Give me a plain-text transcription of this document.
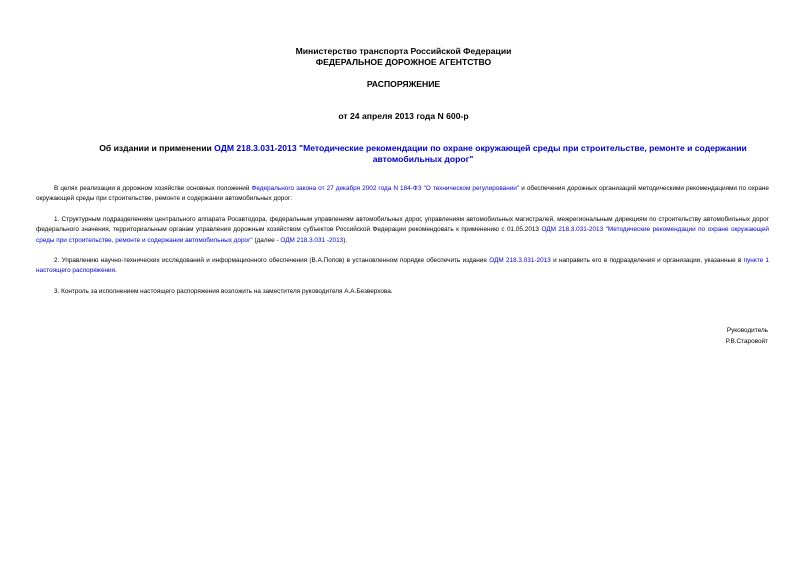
Министерство транспорта Российской Федерации
ФЕДЕРАЛЬНОЕ ДОРОЖНОЕ АГЕНТСТВО
РАСПОРЯЖЕНИЕ
от 24 апреля 2013 года N 600-р
Об издании и применении ОДМ 218.3.031-2013 "Методические рекомендации по охране окружающей среды при строительстве, ремонте и содержании автомобильных дорог"
В целях реализации в дорожном хозяйстве основных положений Федерального закона от 27 декабря 2002 года N 184-ФЗ "О техническом регулировании" и обеспечения дорожных организаций методическими рекомендациями по охране окружающей среды при строительстве, ремонте и содержании автомобильных дорог:
1. Структурным подразделениям центрального аппарата Росавтодора, федеральным управлениям автомобильных дорог, управлениям автомобильных магистралей, межрегиональным дирекциям по строительству автомобильных дорог федерального значения, территориальным органам управления дорожным хозяйством субъектов Российской Федерации рекомендовать к применению с 01.05.2013 ОДМ 218.3.031-2013 "Методические рекомендации по охране окружающей среды при строительстве, ремонте и содержании автомобильных дорог" (далее - ОДМ 218.3.031 -2013).
2. Управлению научно-технических исследований и информационного обеспечения (В.А.Попов) в установленном порядке обеспечить издание ОДМ 218.3.031-2013 и направить его в подразделения и организации, указанные в пункте 1 настоящего распоряжения.
3. Контроль за исполнением настоящего распоряжения возложить на заместителя руководителя А.А.Безверхова.
Руководитель
Р.В.Старовойт
